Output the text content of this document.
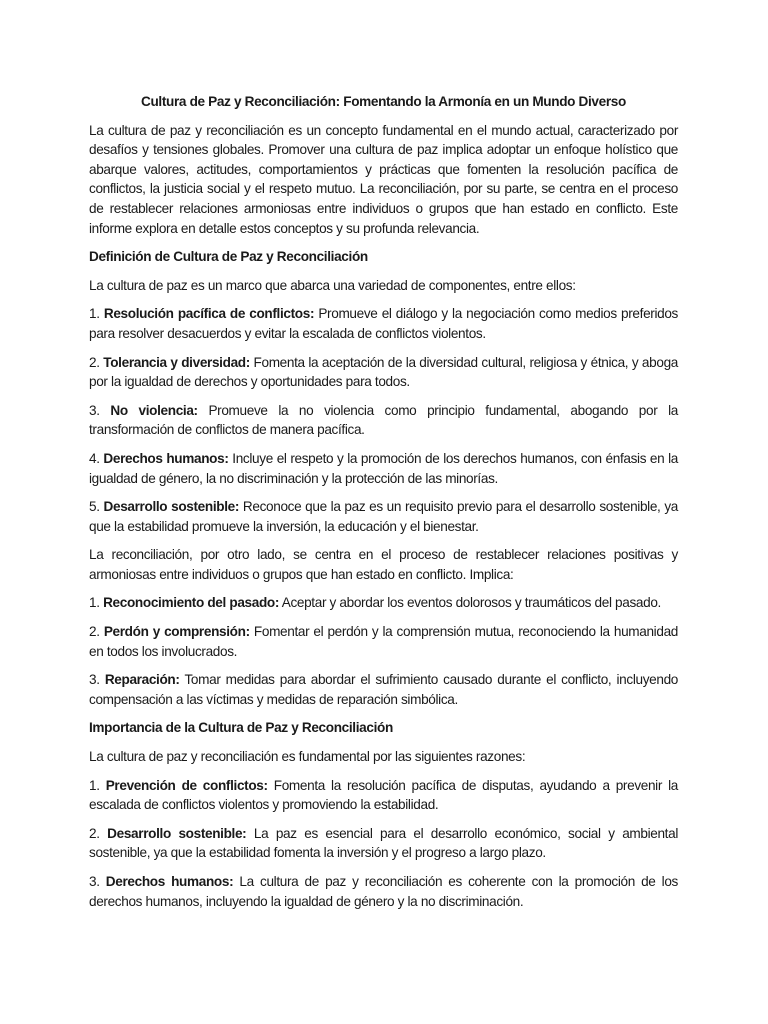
Cultura de Paz y Reconciliación: Fomentando la Armonía en un Mundo Diverso
La cultura de paz y reconciliación es un concepto fundamental en el mundo actual, caracterizado por desafíos y tensiones globales. Promover una cultura de paz implica adoptar un enfoque holístico que abarque valores, actitudes, comportamientos y prácticas que fomenten la resolución pacífica de conflictos, la justicia social y el respeto mutuo. La reconciliación, por su parte, se centra en el proceso de restablecer relaciones armoniosas entre individuos o grupos que han estado en conflicto. Este informe explora en detalle estos conceptos y su profunda relevancia.
Definición de Cultura de Paz y Reconciliación
La cultura de paz es un marco que abarca una variedad de componentes, entre ellos:
1. Resolución pacífica de conflictos: Promueve el diálogo y la negociación como medios preferidos para resolver desacuerdos y evitar la escalada de conflictos violentos.
2. Tolerancia y diversidad: Fomenta la aceptación de la diversidad cultural, religiosa y étnica, y aboga por la igualdad de derechos y oportunidades para todos.
3. No violencia: Promueve la no violencia como principio fundamental, abogando por la transformación de conflictos de manera pacífica.
4. Derechos humanos: Incluye el respeto y la promoción de los derechos humanos, con énfasis en la igualdad de género, la no discriminación y la protección de las minorías.
5. Desarrollo sostenible: Reconoce que la paz es un requisito previo para el desarrollo sostenible, ya que la estabilidad promueve la inversión, la educación y el bienestar.
La reconciliación, por otro lado, se centra en el proceso de restablecer relaciones positivas y armoniosas entre individuos o grupos que han estado en conflicto. Implica:
1. Reconocimiento del pasado: Aceptar y abordar los eventos dolorosos y traumáticos del pasado.
2. Perdón y comprensión: Fomentar el perdón y la comprensión mutua, reconociendo la humanidad en todos los involucrados.
3. Reparación: Tomar medidas para abordar el sufrimiento causado durante el conflicto, incluyendo compensación a las víctimas y medidas de reparación simbólica.
Importancia de la Cultura de Paz y Reconciliación
La cultura de paz y reconciliación es fundamental por las siguientes razones:
1. Prevención de conflictos: Fomenta la resolución pacífica de disputas, ayudando a prevenir la escalada de conflictos violentos y promoviendo la estabilidad.
2. Desarrollo sostenible: La paz es esencial para el desarrollo económico, social y ambiental sostenible, ya que la estabilidad fomenta la inversión y el progreso a largo plazo.
3. Derechos humanos: La cultura de paz y reconciliación es coherente con la promoción de los derechos humanos, incluyendo la igualdad de género y la no discriminación.
